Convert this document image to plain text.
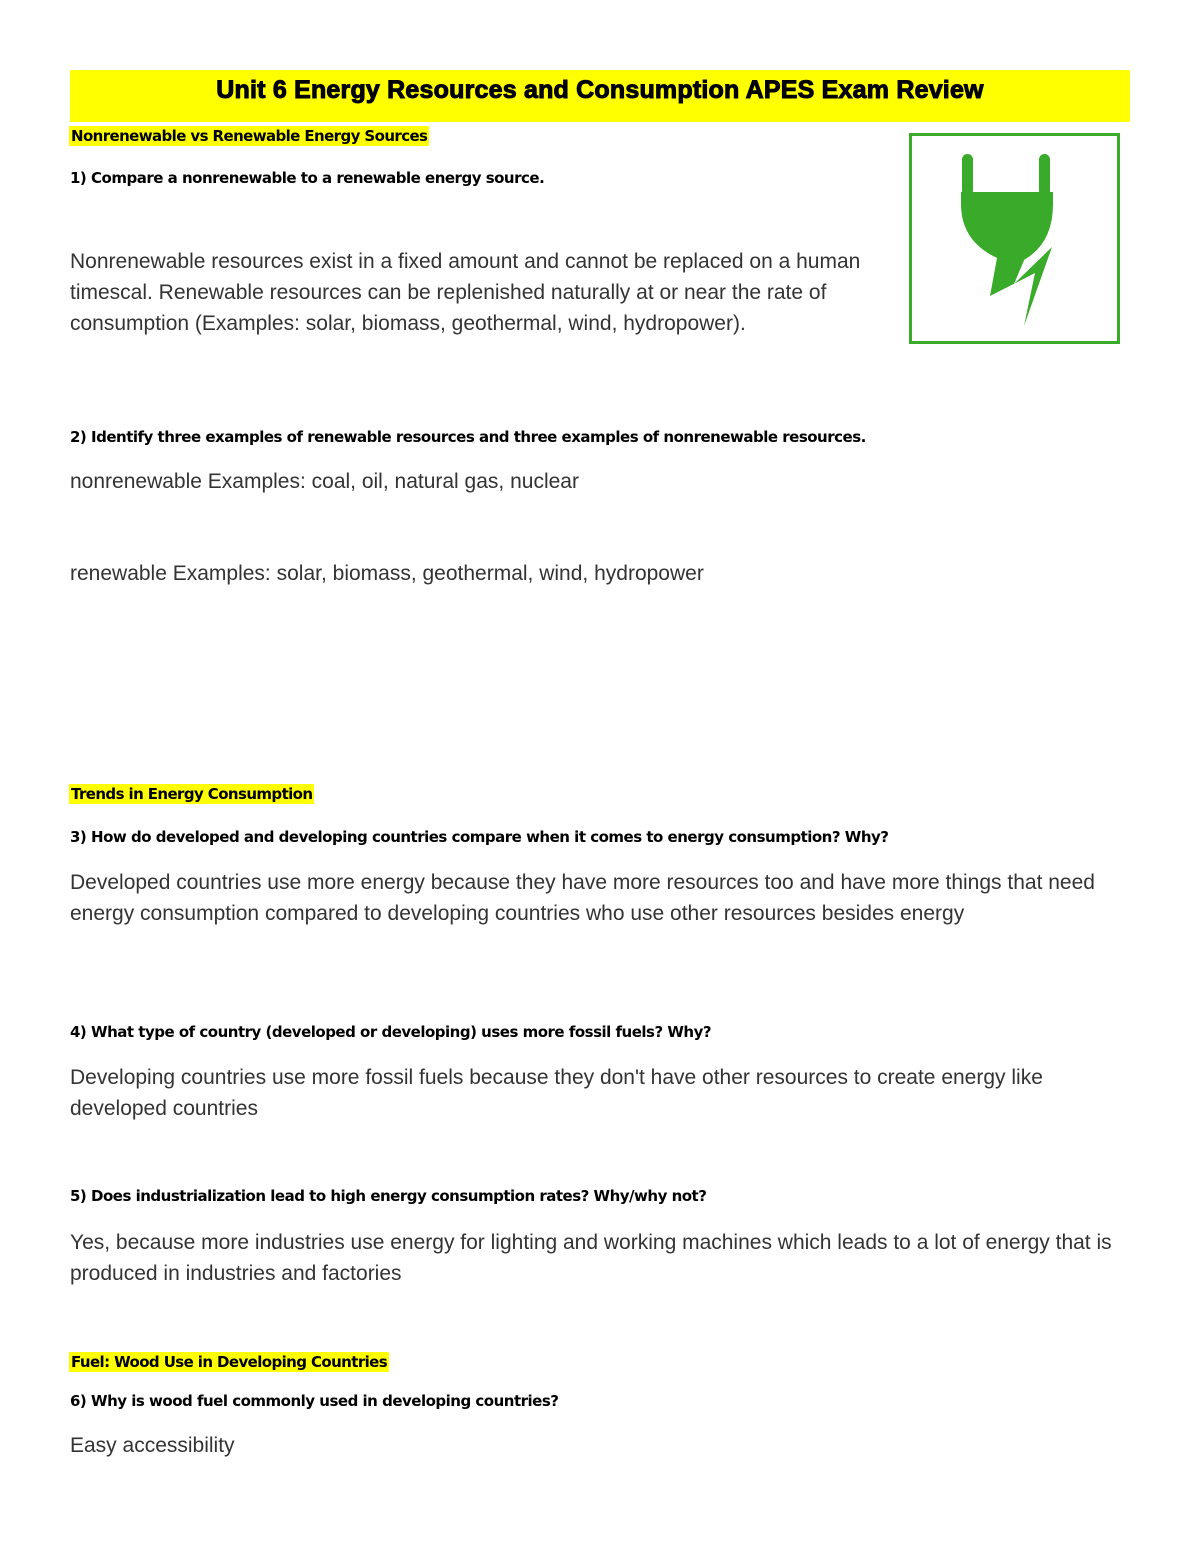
Unit 6 Energy Resources and Consumption APES Exam Review
Nonrenewable vs Renewable Energy Sources
1) Compare a nonrenewable to a renewable energy source.
Nonrenewable resources exist in a fixed amount and cannot be replaced on a human timescal. Renewable resources can be replenished naturally at or near the rate of consumption (Examples: solar, biomass, geothermal, wind, hydropower).
2) Identify three examples of renewable resources and three examples of nonrenewable resources.
nonrenewable Examples: coal, oil, natural gas, nuclear
renewable Examples: solar, biomass, geothermal, wind, hydropower
Trends in Energy Consumption
3) How do developed and developing countries compare when it comes to energy consumption? Why?
Developed countries use more energy because they have more resources too and have more things that need energy consumption compared to developing countries who use other resources besides energy
4) What type of country (developed or developing) uses more fossil fuels? Why?
Developing countries use more fossil fuels because they don't have other resources to create energy like developed countries
5) Does industrialization lead to high energy consumption rates? Why/why not?
Yes, because more industries use energy for lighting and working machines which leads to a lot of energy that is produced in industries and factories
Fuel: Wood Use in Developing Countries
6) Why is wood fuel commonly used in developing countries?
Easy accessibility
